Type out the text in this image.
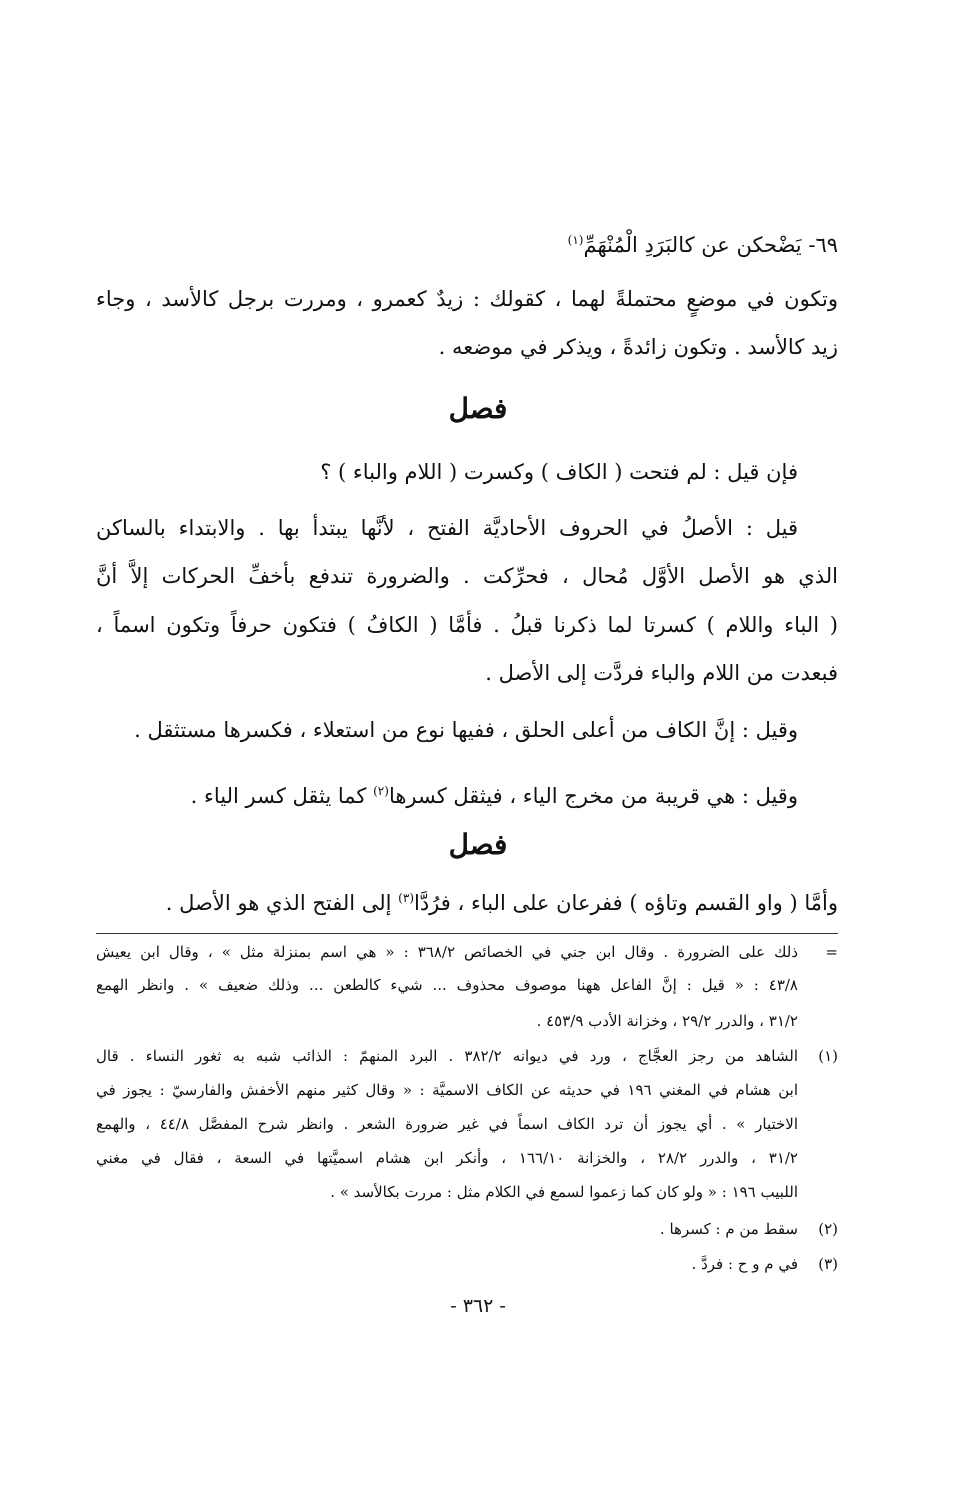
٦٩- يَضْحكن عن كالبَرَدِ الْمُنْهَمِّ$^{(١)}$
وتكون في موضعٍ محتملةً لهما ، كقولك : زيدٌ كعمرو ، ومررت برجل كالأسد ، وجاء
زيد كالأسد . وتكون زائدةً ، ويذكر في موضعه .
فصل
فإن قيل : لم فتحت ( الكاف ) وكسرت ( اللام والباء ) ؟
قيل : الأصلُ في الحروف الأحاديَّة الفتح ، لأنَّها يبتدأ بها . والابتداء بالساكن
الذي هو الأصل الأوَّل مُحال ، فحرِّكت . والضرورة تندفع بأخفِّ الحركات إلاَّ أنَّ
( الباء واللام ) كسرتا لما ذكرنا قبلُ . فأمَّا ( الكافُ ) فتكون حرفاً وتكون اسماً ،
فبعدت من اللام والباء فردَّت إلى الأصل .
وقيل : إنَّ الكاف من أعلى الحلق ، ففيها نوع من استعلاء ، فكسرها مستثقل .
وقيل : هي قريبة من مخرج الياء ، فيثقل كسرها$^{(٢)}$ كما يثقل كسر الياء .
فصل
وأمَّا ( واو القسم وتاؤه ) ففرعان على الباء ، فرُدَّا$^{(٣)}$ إلى الفتح الذي هو الأصل .
=
ذلك على الضرورة . وقال ابن جني في الخصائص ٣٦٨/٢ : « هي اسم بمنزلة مثل » ، وقال ابن يعيش
٤٣/٨ : « قيل : إنَّ الفاعل ههنا موصوف محذوف ... شيء كالطعن ... وذلك ضعيف » . وانظر الهمع
٣١/٢ ، والدرر ٢٩/٢ ، وخزانة الأدب ٤٥٣/٩ .
(١)
الشاهد من رجز العجَّاج ، ورد في ديوانه ٣٨٢/٢ . البرد المنهمّ : الذائب شبه به ثغور النساء . قال
ابن هشام في المغني ١٩٦ في حديثه عن الكاف الاسميَّة : « وقال كثير منهم الأخفش والفارسيّ : يجوز في
الاختيار » . أي يجوز أن ترد الكاف اسماً في غير ضرورة الشعر . وانظر شرح المفصَّل ٤٤/٨ ، والهمع
٣١/٢ ، والدرر ٢٨/٢ ، والخزانة ١٦٦/١٠ ، وأنكر ابن هشام اسميَّتها في السعة ، فقال في مغني
اللبيب ١٩٦ : « ولو كان كما زعموا لسمع في الكلام مثل : مررت بكالأسد » .
(٢)
سقط من م : كسرها .
(٣)
في م و ح : فردَّ .
- ٣٦٢ -
